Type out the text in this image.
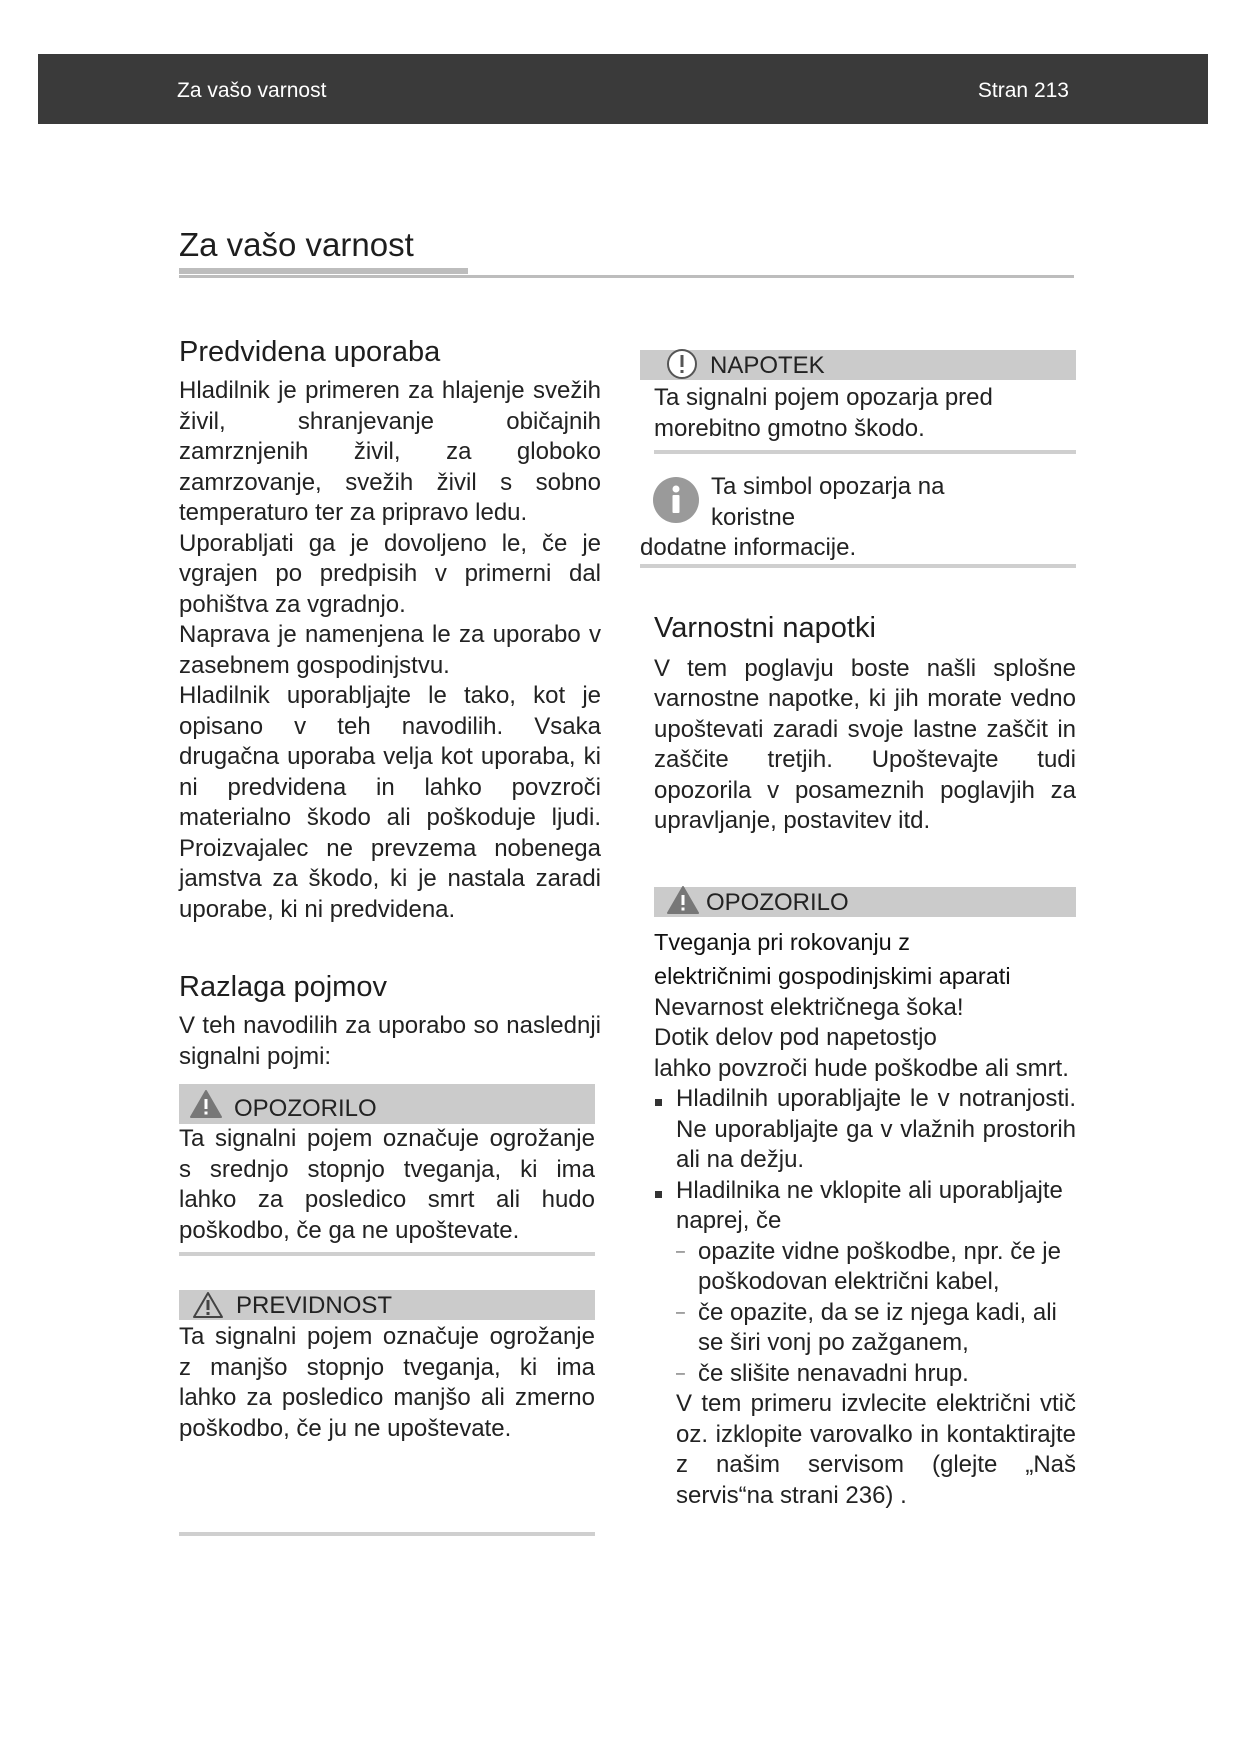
Za vašo varnost	Stran 213
Za vašo varnost
Predvidena uporaba

Hladilnik je primeren za hlajenje svežih živil, shranjevanje običajnih zamrznjenih živil, za globoko zamrzovanje, svežih živil s sobno temperaturo ter za pripravo ledu.

Uporabljati ga je dovoljeno le, če je vgrajen po predpisih v primerni dal pohištva za vgradnjo.

Naprava je namenjena le za uporabo v zasebnem gospodinjstvu.

Hladilnik uporabljajte le tako, kot je opisano v teh navodilih. Vsaka drugačna uporaba velja kot uporaba, ki ni predvidena in lahko povzroči materialno škodo ali poškoduje ljudi. Proizvajalec ne prevzema nobenega jamstva za škodo, ki je nastala zaradi uporabe, ki ni predvidena.

Razlaga pojmov
V teh navodilih za uporabo so naslednji signalni pojmi:
OPOZORILO
Ta signalni pojem označuje ogrožanje s srednjo stopnjo tveganja, ki ima lahko za posledico smrt ali hudo poškodbo, če ga ne upoštevate.
PREVIDNOST
Ta signalni pojem označuje ogrožanje z manjšo stopnjo tveganja, ki ima lahko za posledico manjšo ali zmerno poškodbo, če ju ne upoštevate.
NAPOTEK
Ta signalni pojem opozarja pred morebitno gmotno škodo.
Ta simbol opozarja na
koristne
dodatne informacije.
Varnostni napotki
V tem poglavju boste našli splošne varnostne napotke, ki jih morate vedno upoštevati zaradi svoje lastne zaščit in zaščite tretjih. Upoštevajte tudi opozorila v posameznih poglavjih za upravljanje, postavitev itd.
OPOZORILO
Tveganja pri rokovanju z
električnimi gospodinjskimi aparati
Nevarnost električnega šoka!
Dotik delov pod napetostjo
lahko povzroči hude poškodbe ali smrt.
Hladilnih uporabljajte le v notranjosti. Ne uporabljajte ga v vlažnih prostorih ali na dežju.
Hladilnika ne vklopite ali uporabljajte naprej, če
– opazite vidne poškodbe, npr. če je poškodovan električni kabel,
– če opazite, da se iz njega kadi, ali se širi vonj po zažganem,
– če slišite nenavadni hrup.
V tem primeru izvlecite električni vtič oz. izklopite varovalko in kontaktirajte z našim servisom (glejte „Naš servis“na strani 236) .
